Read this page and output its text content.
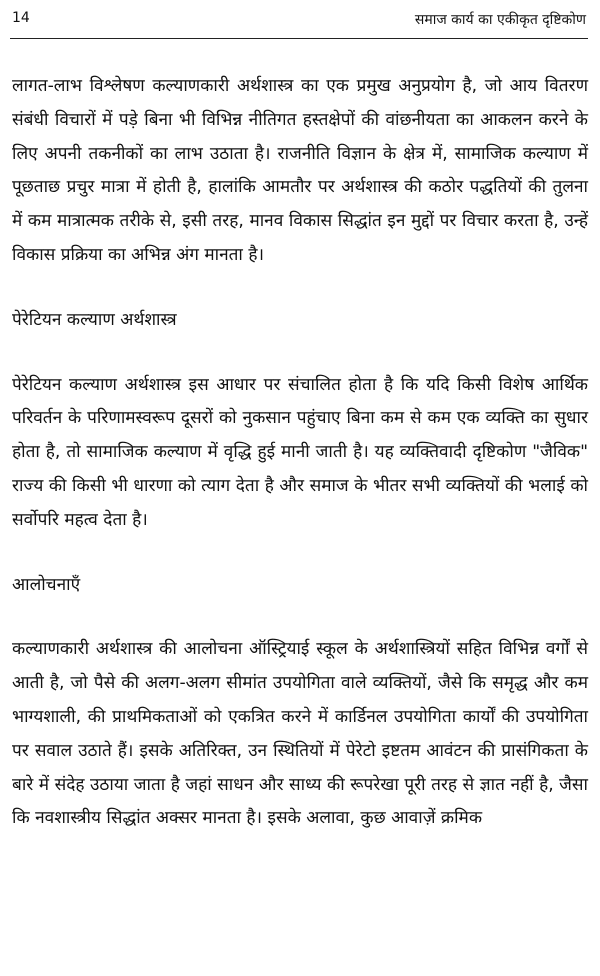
14	समाज कार्य का एकीकृत दृष्टिकोण

लागत-लाभ विश्लेषण कल्याणकारी अर्थशास्त्र का एक प्रमुख अनुप्रयोग है, जो आय वितरण संबंधी विचारों में पड़े बिना भी विभिन्न नीतिगत हस्तक्षेपों की वांछनीयता का आकलन करने के लिए अपनी तकनीकों का लाभ उठाता है। राजनीति विज्ञान के क्षेत्र में, सामाजिक कल्याण में पूछताछ प्रचुर मात्रा में होती है, हालांकि आमतौर पर अर्थशास्त्र की कठोर पद्धतियों की तुलना में कम मात्रात्मक तरीके से, इसी तरह, मानव विकास सिद्धांत इन मुद्दों पर विचार करता है, उन्हें विकास प्रक्रिया का अभिन्न अंग मानता है।

पेरेटियन कल्याण अर्थशास्त्र

पेरेटियन कल्याण अर्थशास्त्र इस आधार पर संचालित होता है कि यदि किसी विशेष आर्थिक परिवर्तन के परिणामस्वरूप दूसरों को नुकसान पहुंचाए बिना कम से कम एक व्यक्ति का सुधार होता है, तो सामाजिक कल्याण में वृद्धि हुई मानी जाती है। यह व्यक्तिवादी दृष्टिकोण "जैविक" राज्य की किसी भी धारणा को त्याग देता है और समाज के भीतर सभी व्यक्तियों की भलाई को सर्वोपरि महत्व देता है।

आलोचनाएँ

कल्याणकारी अर्थशास्त्र की आलोचना ऑस्ट्रियाई स्कूल के अर्थशास्त्रियों सहित विभिन्न वर्गों से आती है, जो पैसे की अलग-अलग सीमांत उपयोगिता वाले व्यक्तियों, जैसे कि समृद्ध और कम भाग्यशाली, की प्राथमिकताओं को एकत्रित करने में कार्डिनल उपयोगिता कार्यों की उपयोगिता पर सवाल उठाते हैं। इसके अतिरिक्त, उन स्थितियों में पेरेटो इष्टतम आवंटन की प्रासंगिकता के बारे में संदेह उठाया जाता है जहां साधन और साध्य की रूपरेखा पूरी तरह से ज्ञात नहीं है, जैसा कि नवशास्त्रीय सिद्धांत अक्सर मानता है। इसके अलावा, कुछ आवाज़ें क्रमिक
